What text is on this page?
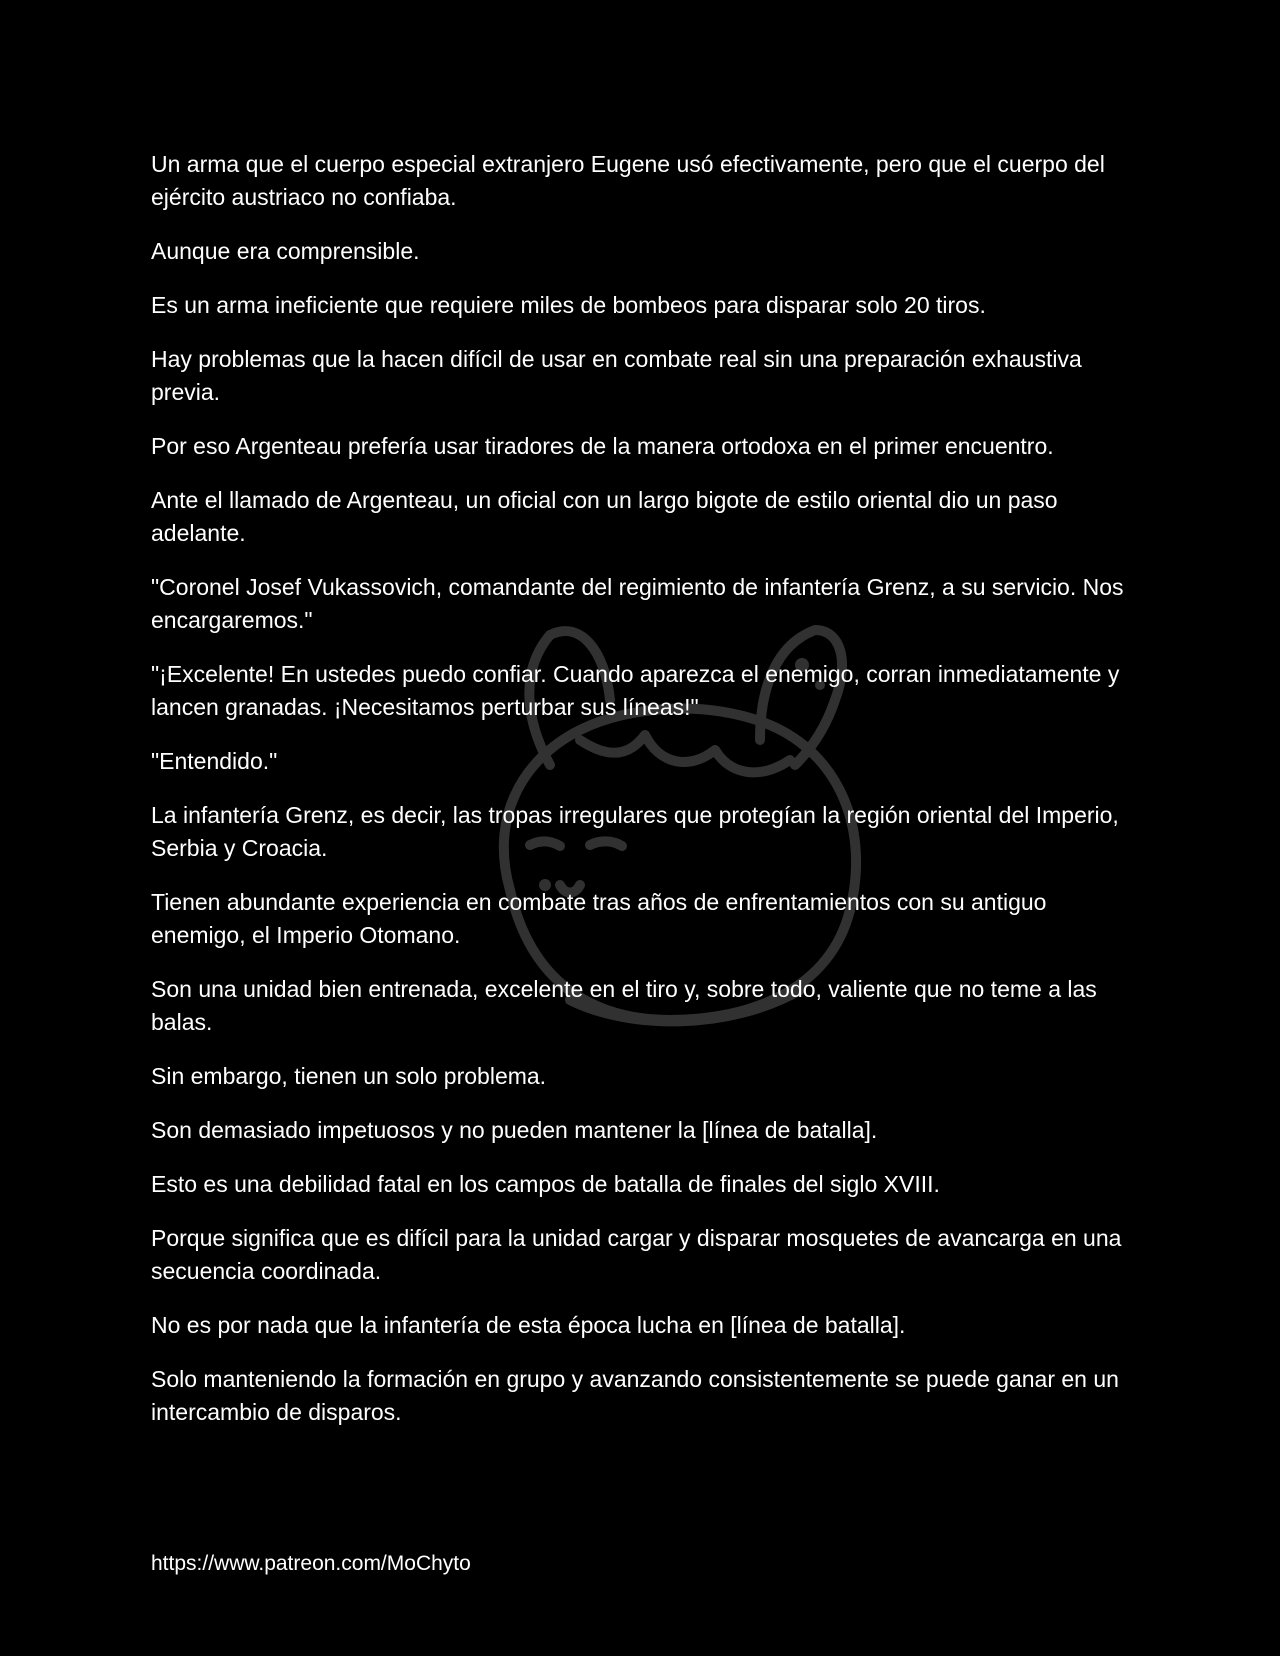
Un arma que el cuerpo especial extranjero Eugene usó efectivamente, pero que el cuerpo del ejército austriaco no confiaba.

Aunque era comprensible.

Es un arma ineficiente que requiere miles de bombeos para disparar solo 20 tiros.

Hay problemas que la hacen difícil de usar en combate real sin una preparación exhaustiva previa.

Por eso Argenteau prefería usar tiradores de la manera ortodoxa en el primer encuentro.

Ante el llamado de Argenteau, un oficial con un largo bigote de estilo oriental dio un paso adelante.

"Coronel Josef Vukassovich, comandante del regimiento de infantería Grenz, a su servicio. Nos encargaremos."

"¡Excelente! En ustedes puedo confiar. Cuando aparezca el enemigo, corran inmediatamente y lancen granadas. ¡Necesitamos perturbar sus líneas!"

"Entendido."

La infantería Grenz, es decir, las tropas irregulares que protegían la región oriental del Imperio, Serbia y Croacia.

Tienen abundante experiencia en combate tras años de enfrentamientos con su antiguo enemigo, el Imperio Otomano.

Son una unidad bien entrenada, excelente en el tiro y, sobre todo, valiente que no teme a las balas.

Sin embargo, tienen un solo problema.

Son demasiado impetuosos y no pueden mantener la [línea de batalla].

Esto es una debilidad fatal en los campos de batalla de finales del siglo XVIII.

Porque significa que es difícil para la unidad cargar y disparar mosquetes de avancarga en una secuencia coordinada.

No es por nada que la infantería de esta época lucha en [línea de batalla].

Solo manteniendo la formación en grupo y avanzando consistentemente se puede ganar en un intercambio de disparos.

https://www.patreon.com/MoChyto
